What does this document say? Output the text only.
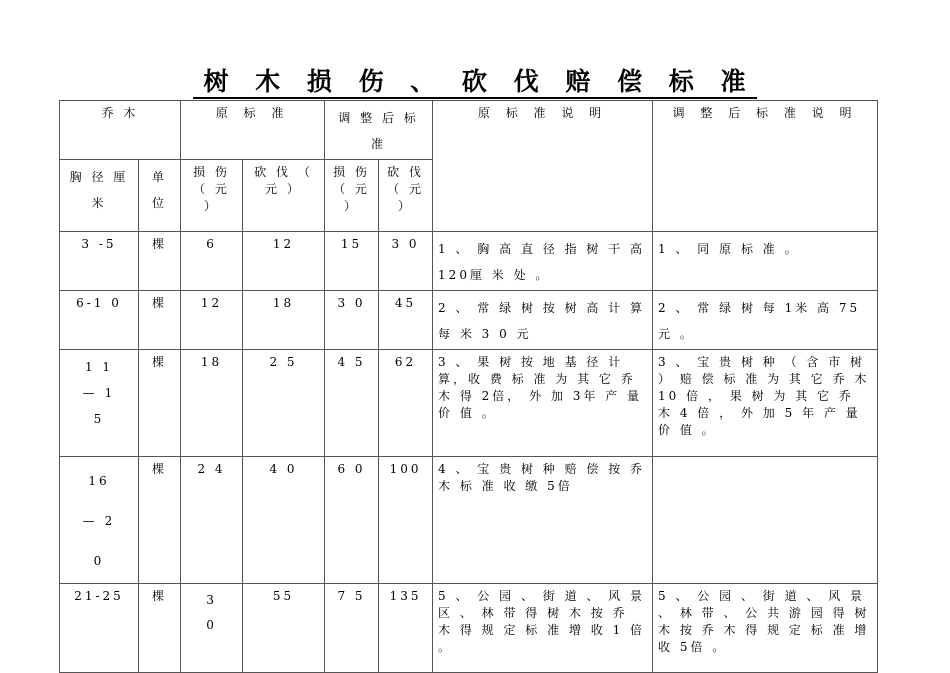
树 木 损 伤 、 砍 伐 赔 偿 标 准
乔 木		原 标 准		调 整 后 标 准		原 标 准 说 明	调 整 后 标 准 说 明
胸 径 厘 米	单 位	损 伤 （ 元 ）	砍 伐 （ 元 ）	损 伤 （ 元 ）	砍 伐 （ 元 ）		
3 -5	棵	6	12	15	3 0	1 、 胸 高 直 径 指 树 干 高 120厘 米 处 。	1 、 同 原 标 准 。
6-1 0	棵	12	18	3 0	45	2 、 常 绿 树 按 树 高 计 算 每 米 3 0 元	2 、 常 绿 树 每 1米 高 75 元 。
1 1 — 15	棵	18	2 5	4 5	62	3 、 果 树 按 地 基 径 计 算，收 费 标 准 为 其 它 乔 木 得 2倍， 外 加 3年 产 量 价 值 。	3 、 宝 贵 树 种 （ 含 市 树 ） 赔 偿 标 准 为 其 它 乔 木 10 倍 ， 果 树 为 其 它 乔 木 4 倍 ， 外 加 5 年 产 量 价 值 。
16 — 20	棵	2 4	4 0	6 0	100	4 、 宝 贵 树 种 赔 偿 按 乔 木 标 准 收 缴 5倍	
21-25	棵	3 0	55	7 5	135	5 、 公 园 、 街 道 、 风 景 区 、 林 带 得 树 木 按 乔 木 得 规 定 标 准 增 收 1 倍 。	5 、 公 园 、 街 道 、 风 景 、 林 带 、 公 共 游 园 得 树 木 按 乔 木 得 规 定 标 准 增 收 5倍 。
